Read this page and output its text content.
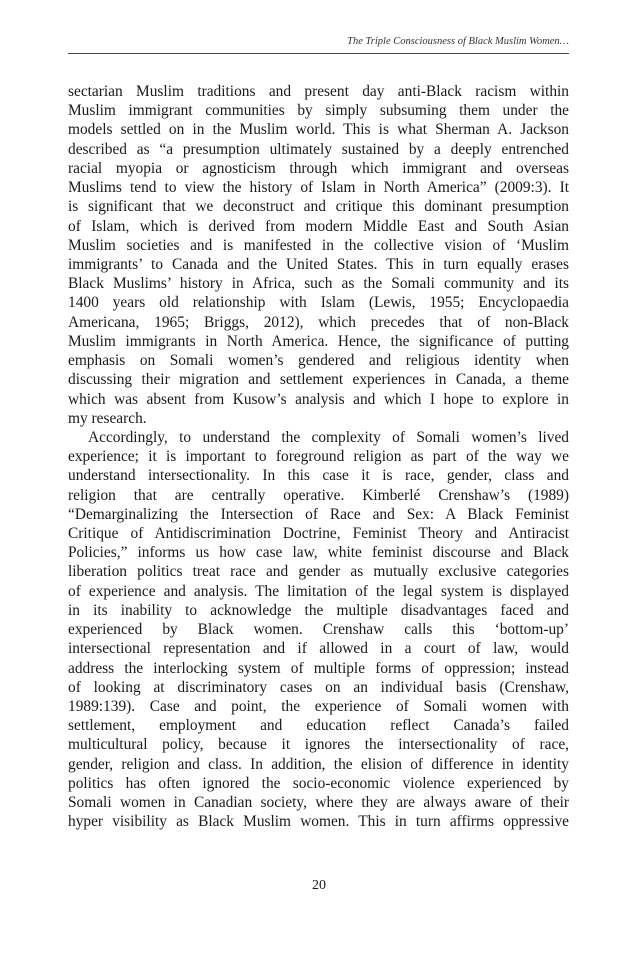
The Triple Consciousness of Black Muslim Women…
sectarian Muslim traditions and present day anti-Black racism within
Muslim immigrant communities by simply subsuming them under the
models settled on in the Muslim world. This is what Sherman A. Jackson
described as “a presumption ultimately sustained by a deeply entrenched
racial myopia or agnosticism through which immigrant and overseas
Muslims tend to view the history of Islam in North America” (2009:3). It
is significant that we deconstruct and critique this dominant presumption
of Islam, which is derived from modern Middle East and South Asian
Muslim societies and is manifested in the collective vision of ‘Muslim
immigrants’ to Canada and the United States. This in turn equally erases
Black Muslims’ history in Africa, such as the Somali community and its
1400 years old relationship with Islam (Lewis, 1955; Encyclopaedia
Americana, 1965; Briggs, 2012), which precedes that of non-Black
Muslim immigrants in North America. Hence, the significance of putting
emphasis on Somali women’s gendered and religious identity when
discussing their migration and settlement experiences in Canada, a theme
which was absent from Kusow’s analysis and which I hope to explore in
my research.
Accordingly, to understand the complexity of Somali women’s lived
experience; it is important to foreground religion as part of the way we
understand intersectionality. In this case it is race, gender, class and
religion that are centrally operative. Kimberlé Crenshaw’s (1989)
“Demarginalizing the Intersection of Race and Sex: A Black Feminist
Critique of Antidiscrimination Doctrine, Feminist Theory and Antiracist
Policies,” informs us how case law, white feminist discourse and Black
liberation politics treat race and gender as mutually exclusive categories
of experience and analysis. The limitation of the legal system is displayed
in its inability to acknowledge the multiple disadvantages faced and
experienced by Black women. Crenshaw calls this ‘bottom-up’
intersectional representation and if allowed in a court of law, would
address the interlocking system of multiple forms of oppression; instead
of looking at discriminatory cases on an individual basis (Crenshaw,
1989:139). Case and point, the experience of Somali women with
settlement, employment and education reflect Canada’s failed
multicultural policy, because it ignores the intersectionality of race,
gender, religion and class. In addition, the elision of difference in identity
politics has often ignored the socio-economic violence experienced by
Somali women in Canadian society, where they are always aware of their
hyper visibility as Black Muslim women. This in turn affirms oppressive
20
